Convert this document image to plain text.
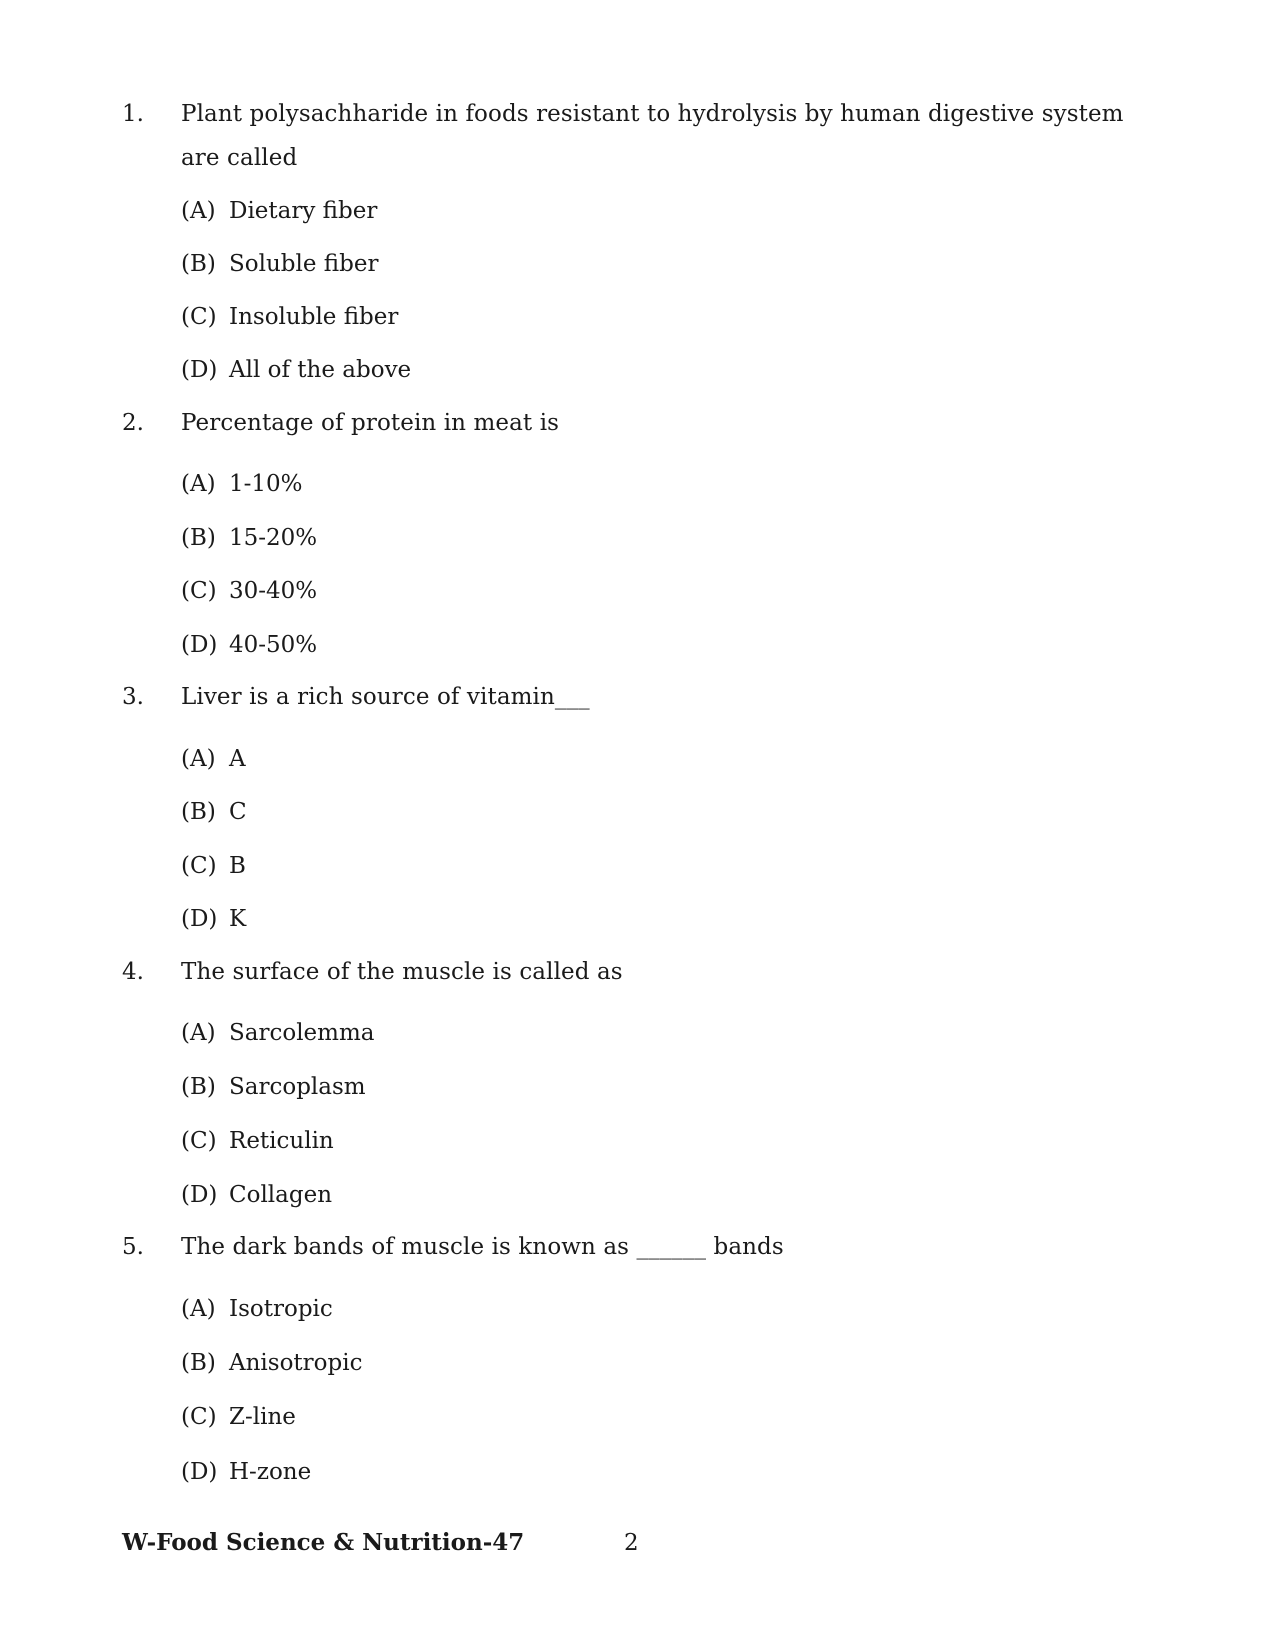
1. Plant polysachharide in foods resistant to hydrolysis by human digestive system are called
(A) Dietary fiber
(B) Soluble fiber
(C) Insoluble fiber
(D) All of the above
2. Percentage of protein in meat is
(A) 1-10%
(B) 15-20%
(C) 30-40%
(D) 40-50%
3. Liver is a rich source of vitamin___
(A) A
(B) C
(C) B
(D) K
4. The surface of the muscle is called as
(A) Sarcolemma
(B) Sarcoplasm
(C) Reticulin
(D) Collagen
5. The dark bands of muscle is known as ______ bands
(A) Isotropic
(B) Anisotropic
(C) Z-line
(D) H-zone
W-Food Science & Nutrition-47	2
